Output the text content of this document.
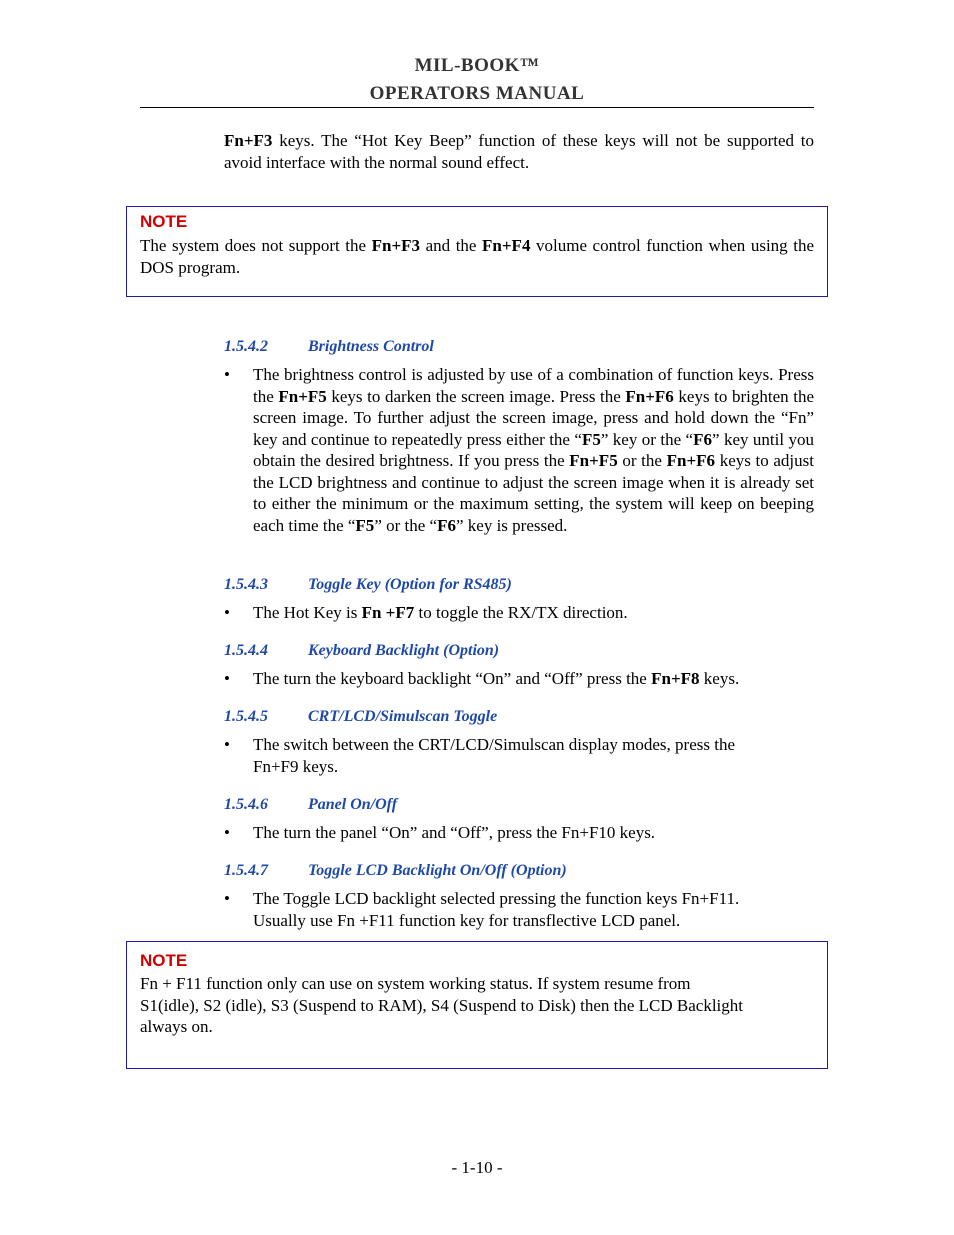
MIL-BOOK™
OPERATORS MANUAL
Fn+F3 keys. The “Hot Key Beep” function of these keys will not be supported to avoid interface with the normal sound effect.
NOTE
The system does not support the Fn+F3 and the Fn+F4 volume control function when using the DOS program.
1.5.4.2	Brightness Control
•	The brightness control is adjusted by use of a combination of function keys. Press the Fn+F5 keys to darken the screen image. Press the Fn+F6 keys to brighten the screen image. To further adjust the screen image, press and hold down the “Fn” key and continue to repeatedly press either the “F5” key or the “F6” key until you obtain the desired brightness. If you press the Fn+F5 or the Fn+F6 keys to adjust the LCD brightness and continue to adjust the screen image when it is already set to either the minimum or the maximum setting, the system will keep on beeping each time the “F5” or the “F6” key is pressed.
1.5.4.3	Toggle Key (Option for RS485)
•	The Hot Key is Fn +F7 to toggle the RX/TX direction.
1.5.4.4	Keyboard Backlight (Option)
•	The turn the keyboard backlight “On” and “Off” press the Fn+F8 keys.
1.5.4.5	CRT/LCD/Simulscan Toggle
•	The switch between the CRT/LCD/Simulscan display modes, press the
Fn+F9 keys.
1.5.4.6	Panel On/Off
•	The turn the panel “On” and “Off”, press the Fn+F10 keys.
1.5.4.7	Toggle LCD Backlight On/Off (Option)
•	The Toggle LCD backlight selected pressing the function keys Fn+F11.
Usually use Fn +F11 function key for transflective LCD panel.
NOTE
Fn + F11 function only can use on system working status. If system resume from
S1(idle), S2 (idle), S3 (Suspend to RAM), S4 (Suspend to Disk) then the LCD Backlight
always on.
- 1-10 -
